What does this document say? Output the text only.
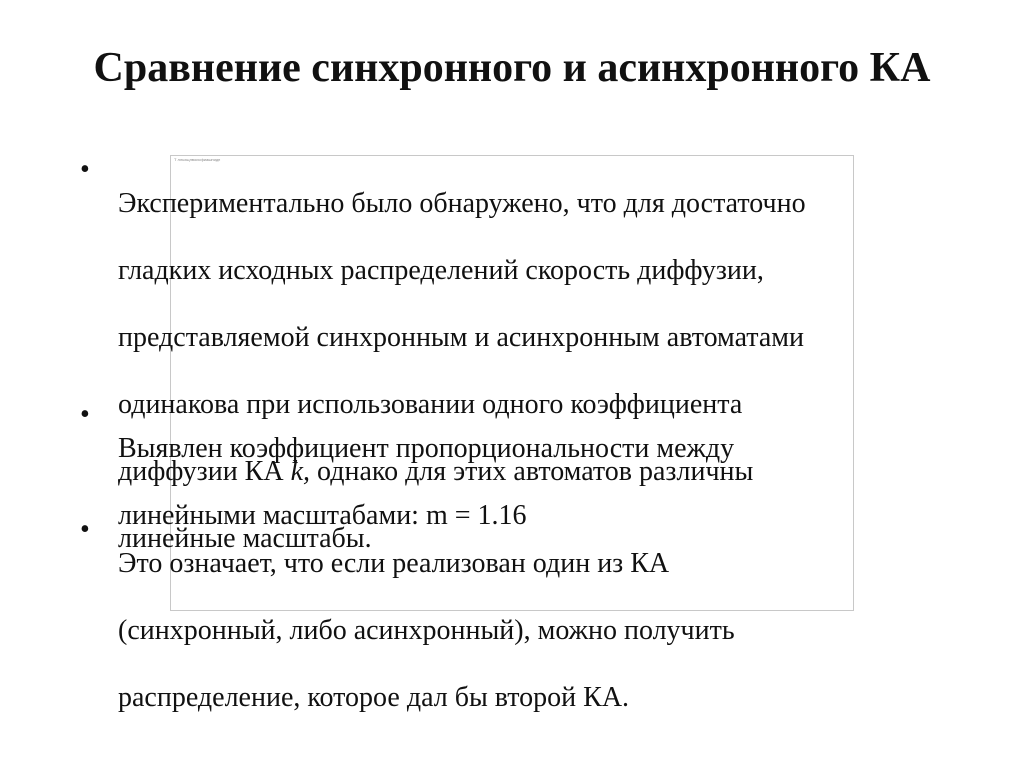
Сравнение синхронного и асинхронного КА
Т лльхщлвоисфиашпидп
•

Экспериментально было обнаружено, что для достаточно

гладких исходных распределений скорость диффузии,

представляемой синхронным и асинхронным автоматами

одинакова при использовании одного коэффициента

диффузии КА k, однако для этих автоматов различны

линейные масштабы.

•

Выявлен коэффициент пропорциональности между

линейными масштабами: m = 1.16

•

Это означает, что если реализован один из КА

(синхронный, либо асинхронный), можно получить

распределение, которое дал бы второй КА.
